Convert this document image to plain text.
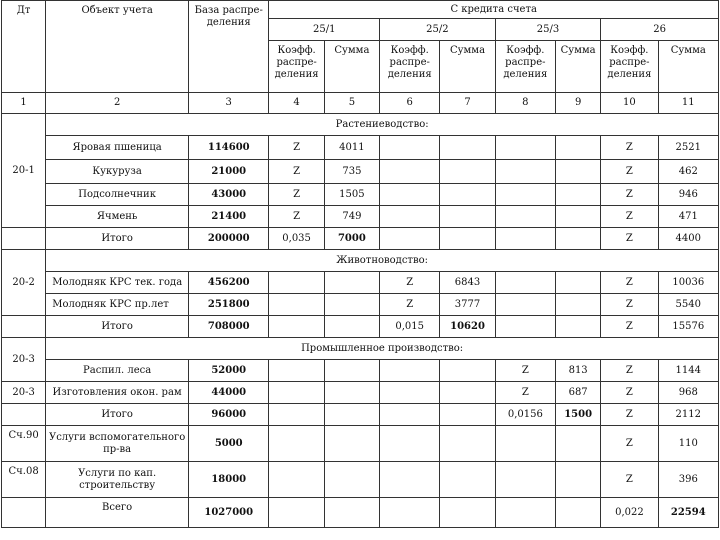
Дт	Объект учета	База распре-деления	С кредита счета							
			25/1		25/2		25/3		26	
			Коэфф. распре-деления	Сумма	Коэфф. распре-деления	Сумма	Коэфф. распре-деления	Сумма	Коэфф. распре-деления	Сумма
1	2	3	4	5	6	7	8	9	10	11
20-1	Растениеводство:									
	Яровая пшеница	114600	Z	4011					Z	2521
	Кукуруза	21000	Z	735					Z	462
	Подсолнечник	43000	Z	1505					Z	946
	Ячмень	21400	Z	749					Z	471
	Итого	200000	0,035	7000					Z	4400
20-2	Животноводство:									
	Молодняк КРС тек. года	456200			Z	6843			Z	10036
	Молодняк КРС пр.лет	251800			Z	3777			Z	5540
	Итого	708000			0,015	10620			Z	15576
20-3	Промышленное производство:									
	Распил. леса	52000					Z	813	Z	1144
20-3	Изготовления окон. рам	44000					Z	687	Z	968
	Итого	96000					0,0156	1500	Z	2112
Сч.90	Услуги вспомогательного пр-ва	5000							Z	110
Сч.08	Услуги по кап. строительству	18000							Z	396
	Всего	1027000							0,022	22594
